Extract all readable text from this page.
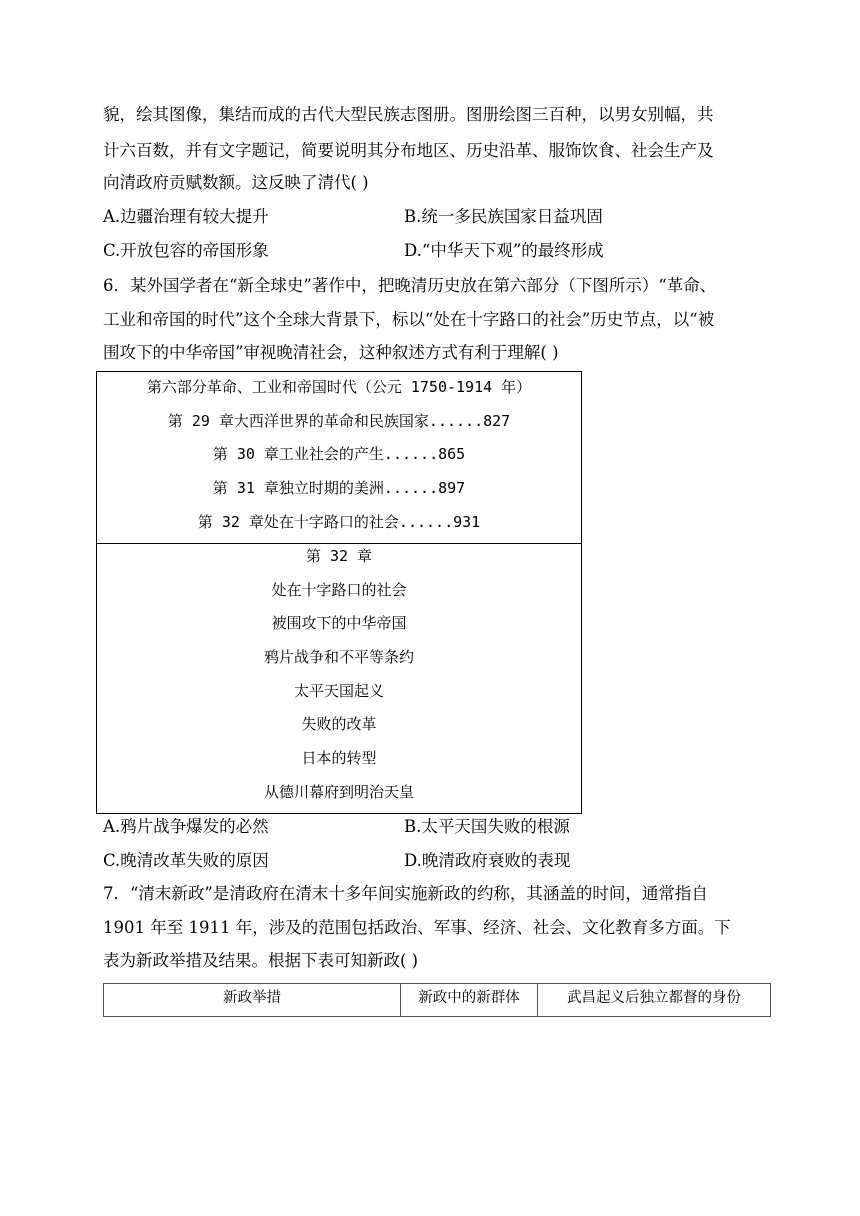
貌，绘其图像，集结而成的古代大型民族志图册。图册绘图三百种，以男女别幅，共
计六百数，并有文字题记，简要说明其分布地区、历史沿革、服饰饮食、社会生产及
向清政府贡赋数额。这反映了清代( )
A.边疆治理有较大提升	B.统一多民族国家日益巩固
C.开放包容的帝国形象	D.“中华天下观”的最终形成
6．某外国学者在“新全球史”著作中，把晚清历史放在第六部分（下图所示）“革命、
工业和帝国的时代”这个全球大背景下，标以“处在十字路口的社会”历史节点，以“被
围攻下的中华帝国”审视晚清社会，这种叙述方式有利于理解( )
第六部分革命、工业和帝国时代（公元 1750-1914 年）
第 29 章大西洋世界的革命和民族国家......827
第 30 章工业社会的产生......865
第 31 章独立时期的美洲......897
第 32 章处在十字路口的社会......931
第 32 章
处在十字路口的社会
被围攻下的中华帝国
鸦片战争和不平等条约
太平天国起义
失败的改革
日本的转型
从德川幕府到明治天皇
A.鸦片战争爆发的必然	B.太平天国失败的根源
C.晚清改革失败的原因	D.晚清政府衰败的表现
7．“清末新政”是清政府在清末十多年间实施新政的约称，其涵盖的时间，通常指自
1901 年至 1911 年，涉及的范围包括政治、军事、经济、社会、文化教育多方面。下
表为新政举措及结果。根据下表可知新政( )
新政举措	新政中的新群体	武昌起义后独立都督的身份
